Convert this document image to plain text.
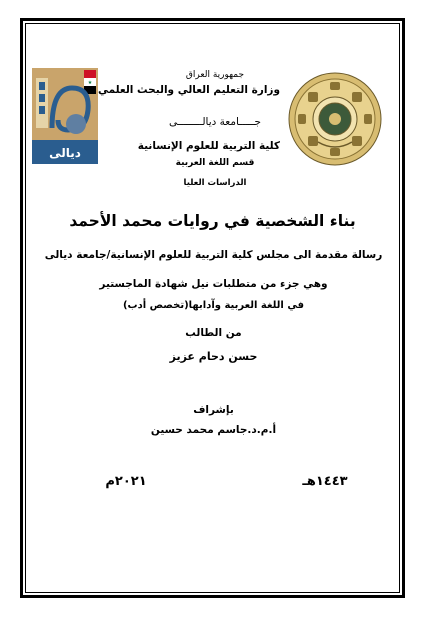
★
ديالى
جمهورية العراق
وزارة التعليم العالي والبحث العلمي
جـــــامعة ديالــــــــى
كلية التربية للعلوم الإنسانية
قسم اللغة العربية
الدراسات العليا
بناء الشخصية في روايات محمد الأحمد
رسالة مقدمة الى مجلس كلية التربية للعلوم الإنسانية/جامعة ديالى
وهي جزء من متطلبات نيل شهادة الماجستير
في اللغة العربية وآدابها(تخصص أدب)
من الطالب
حسن دحام عزيز
بإشراف
أ.م.د.جاسم محمد حسين
١٤٤٣هـ
٢٠٢١م
